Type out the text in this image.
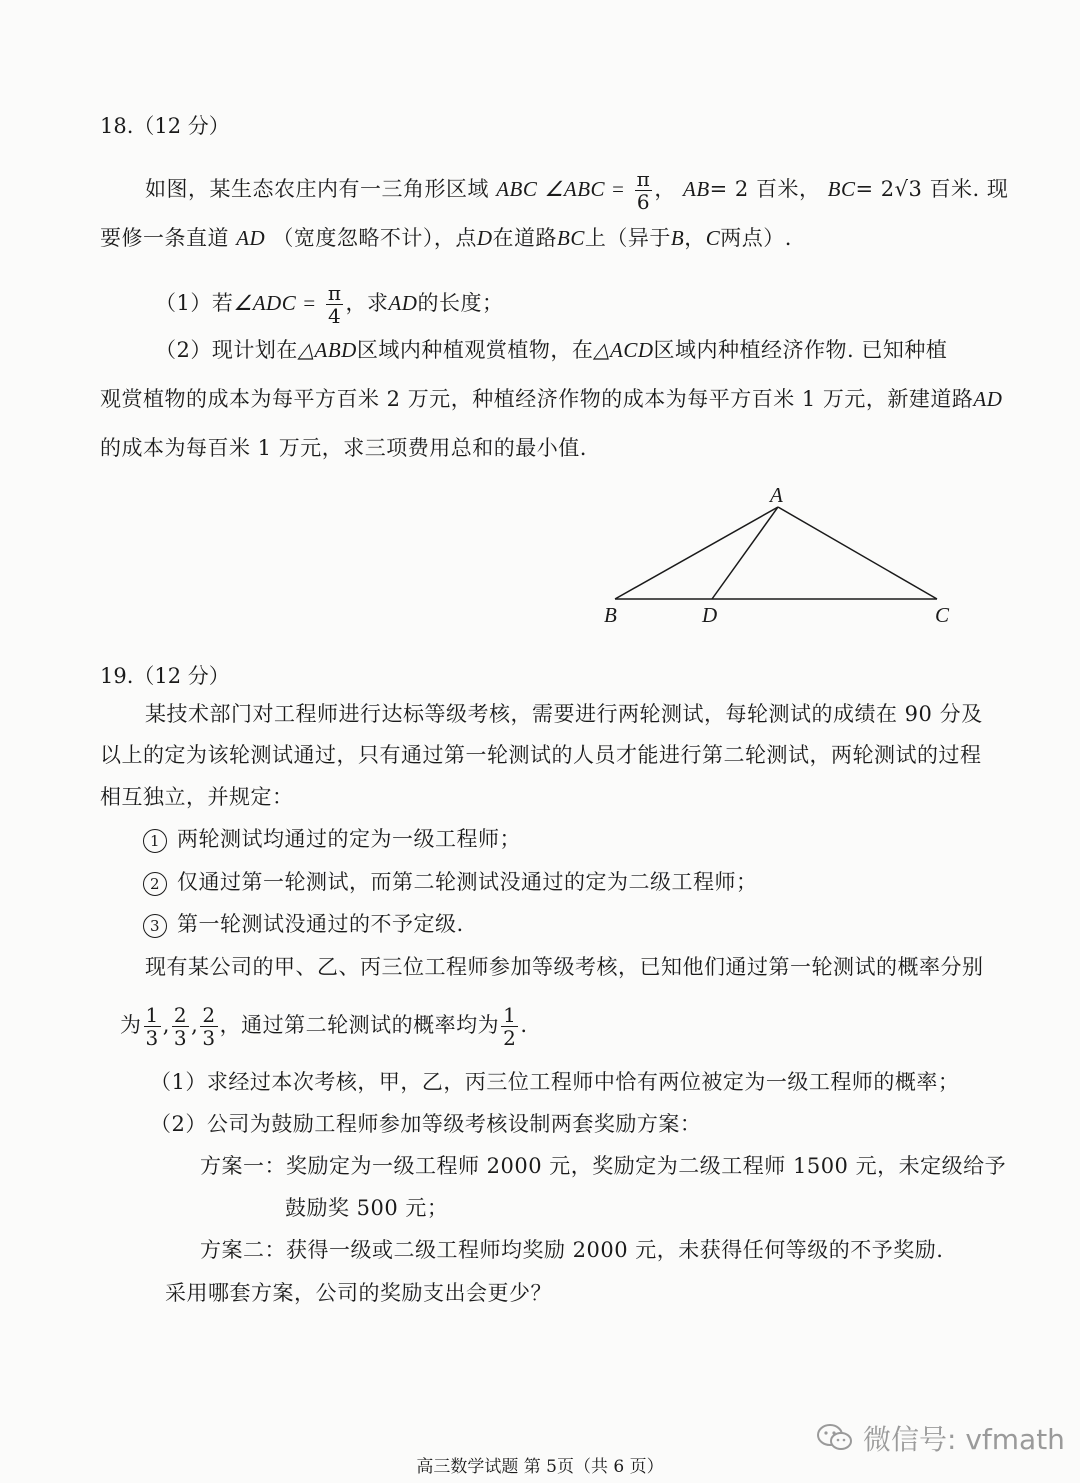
18.（12 分）
如图，某生态农庄内有一三角形区域 ABC ∠ABC = $\frac{\pi}{6}$ ， AB= 2 百米， BC= 2√3 百米. 现
要修一条直道 AD （宽度忽略不计），点D在道路BC上（异于B，C两点）.
（1）若∠ADC = $\frac{\pi}{4}$ ，求AD的长度；
（2）现计划在△ABD区域内种植观赏植物，在△ACD区域内种植经济作物. 已知种植
观赏植物的成本为每平方百米 2 万元，种植经济作物的成本为每平方百米 1 万元，新建道路AD
的成本为每百米 1 万元，求三项费用总和的最小值.
A
B	D	C
19.（12 分）
某技术部门对工程师进行达标等级考核，需要进行两轮测试，每轮测试的成绩在 90 分及
以上的定为该轮测试通过，只有通过第一轮测试的人员才能进行第二轮测试，两轮测试的过程
相互独立，并规定：
1 两轮测试均通过的定为一级工程师；
2 仅通过第一轮测试，而第二轮测试没通过的定为二级工程师；
3 第一轮测试没通过的不予定级.
现有某公司的甲、乙、丙三位工程师参加等级考核，已知他们通过第一轮测试的概率分别
为 $\frac{1}{3}$ , $\frac{2}{3}$ , $\frac{2}{3}$ ，通过第二轮测试的概率均为 $\frac{1}{2}$ .
（1）求经过本次考核，甲，乙，丙三位工程师中恰有两位被定为一级工程师的概率；
（2）公司为鼓励工程师参加等级考核设制两套奖励方案：
方案一：奖励定为一级工程师 2000 元，奖励定为二级工程师 1500 元，未定级给予
鼓励奖 500 元；
方案二：获得一级或二级工程师均奖励 2000 元，未获得任何等级的不予奖励.
采用哪套方案，公司的奖励支出会更少？
微信号: vfmath
高三数学试题 第 5页（共 6 页）
